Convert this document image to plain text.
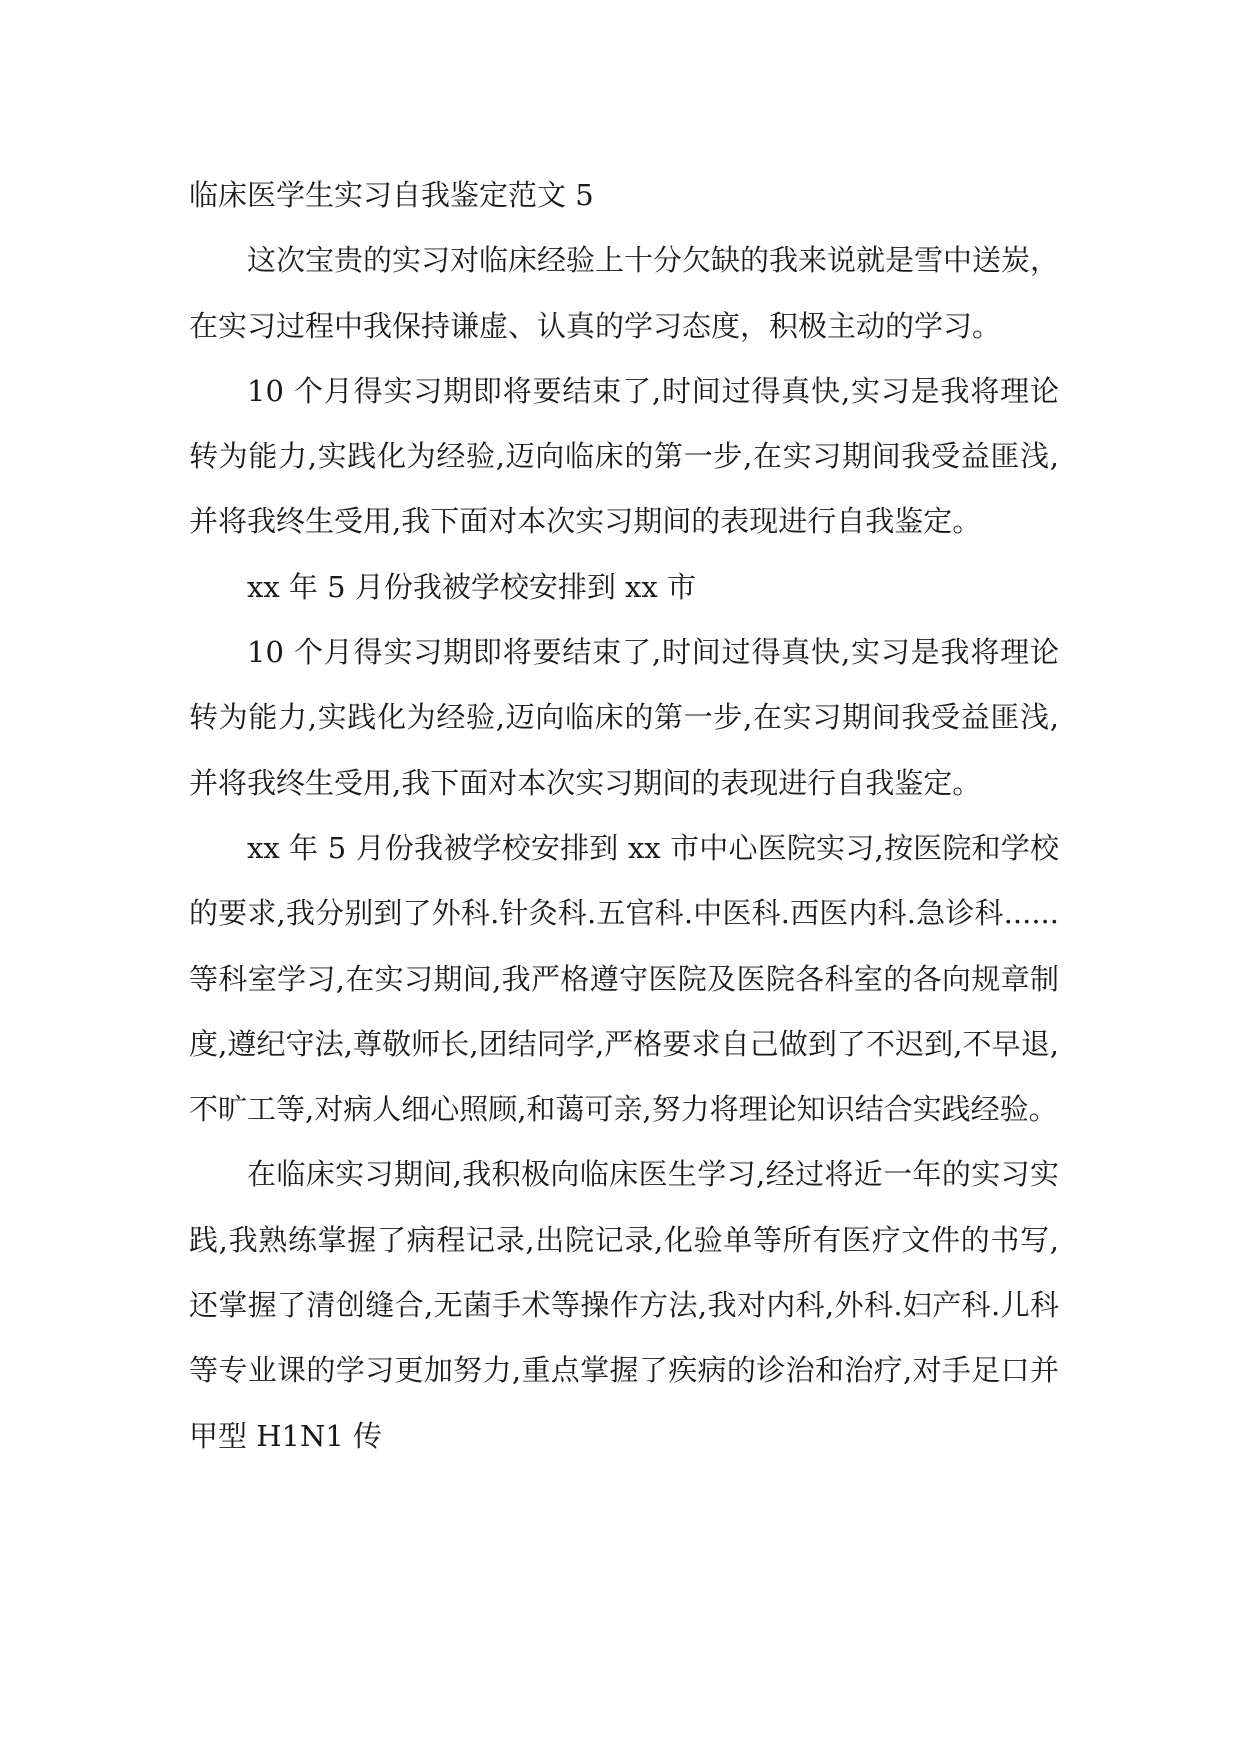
临床医学生实习自我鉴定范文 5

这次宝贵的实习对临床经验上十分欠缺的我来说就是雪中送炭，在实习过程中我保持谦虚、认真的学习态度，积极主动的学习。

10 个月得实习期即将要结束了,时间过得真快,实习是我将理论转为能力,实践化为经验,迈向临床的第一步,在实习期间我受益匪浅,并将我终生受用,我下面对本次实习期间的表现进行自我鉴定。

xx 年 5 月份我被学校安排到 xx 市

10 个月得实习期即将要结束了,时间过得真快,实习是我将理论转为能力,实践化为经验,迈向临床的第一步,在实习期间我受益匪浅,并将我终生受用,我下面对本次实习期间的表现进行自我鉴定。

xx 年 5 月份我被学校安排到 xx 市中心医院实习,按医院和学校的要求,我分别到了外科.针灸科.五官科.中医科.西医内科.急诊科......等科室学习,在实习期间,我严格遵守医院及医院各科室的各向规章制度,遵纪守法,尊敬师长,团结同学,严格要求自己做到了不迟到,不早退,不旷工等,对病人细心照顾,和蔼可亲,努力将理论知识结合实践经验。

在临床实习期间,我积极向临床医生学习,经过将近一年的实习实践,我熟练掌握了病程记录,出院记录,化验单等所有医疗文件的书写,还掌握了清创缝合,无菌手术等操作方法,我对内科,外科.妇产科.儿科等专业课的学习更加努力,重点掌握了疾病的诊治和治疗,对手足口并甲型 H1N1 传
